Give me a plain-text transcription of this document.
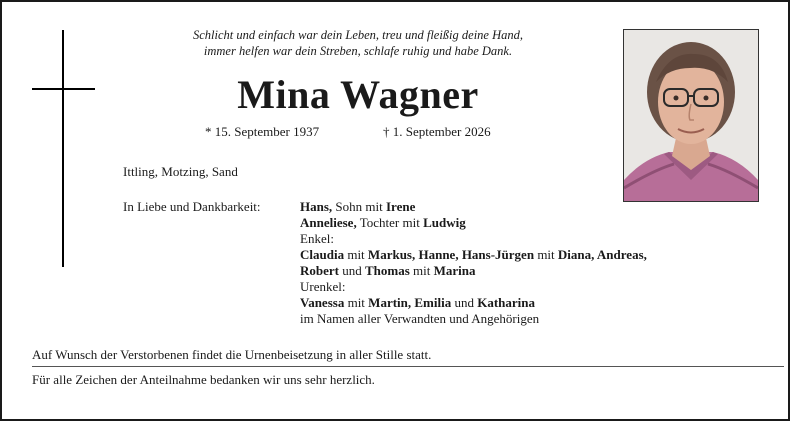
Schlicht und einfach war dein Leben, treu und fleißig deine Hand,
immer helfen war dein Streben, schlafe ruhig und habe Dank.
Mina Wagner
* 15. September 1937	† 1. September 2026
Ittling, Motzing, Sand
In Liebe und Dankbarkeit:	Hans, Sohn mit Irene
Anneliese, Tochter mit Ludwig
Enkel:
Claudia mit Markus, Hanne, Hans-Jürgen mit Diana, Andreas,
Robert und Thomas mit Marina
Urenkel:
Vanessa mit Martin, Emilia und Katharina
im Namen aller Verwandten und Angehörigen
Auf Wunsch der Verstorbenen findet die Urnenbeisetzung in aller Stille statt.
Für alle Zeichen der Anteilnahme bedanken wir uns sehr herzlich.
